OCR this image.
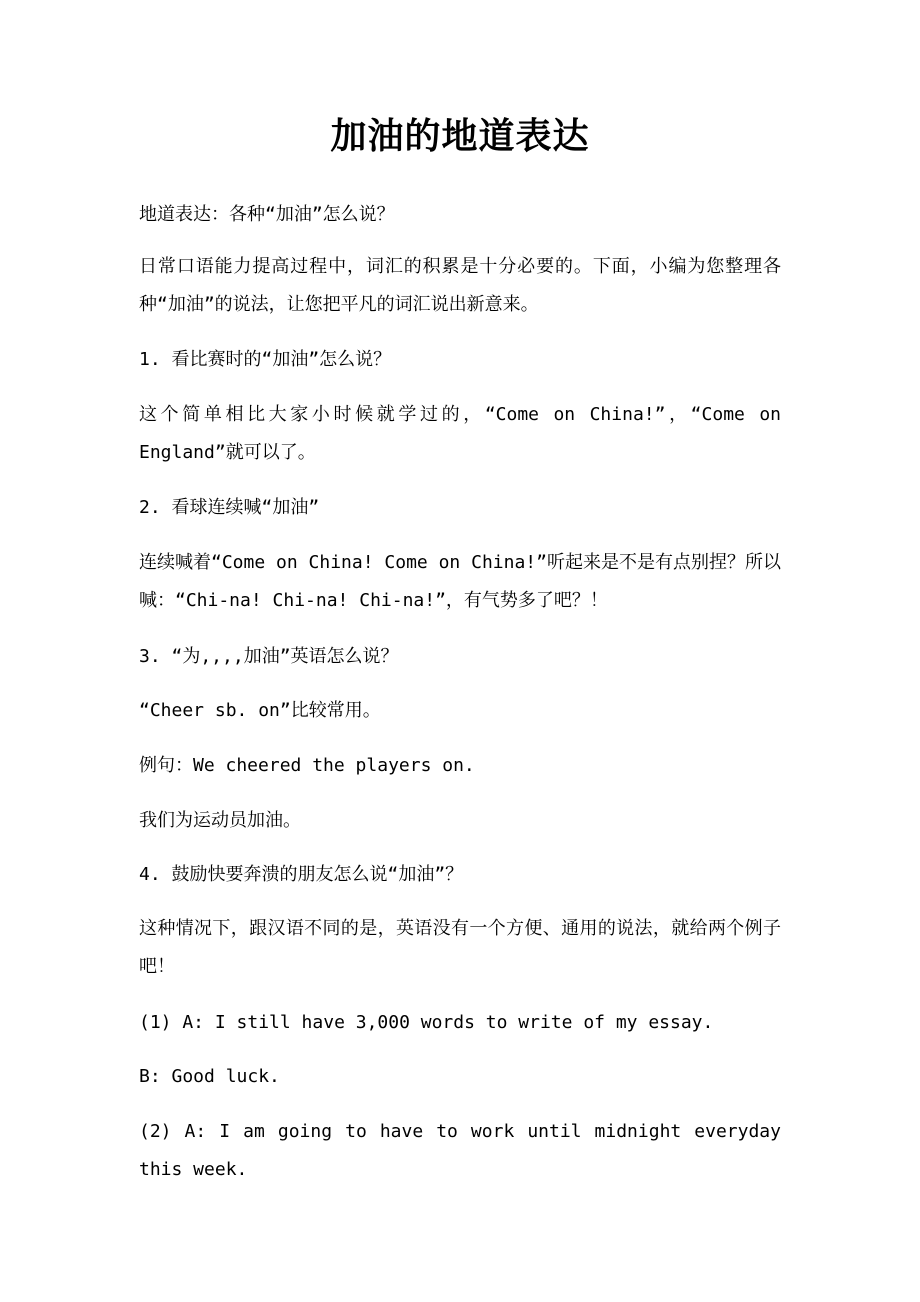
加油的地道表达

地道表达：各种“加油”怎么说？

日常口语能力提高过程中，词汇的积累是十分必要的。下面，小编为您整理各种“加油”的说法，让您把平凡的词汇说出新意来。

1. 看比赛时的“加油”怎么说？

这个简单相比大家小时候就学过的，“Come on China!”，“Come on England”就可以了。

2. 看球连续喊“加油”

连续喊着“Come on China! Come on China!”听起来是不是有点别捏？所以喊：“Chi-na! Chi-na! Chi-na!”，有气势多了吧？！

3. “为,,,,加油”英语怎么说？

“Cheer sb. on”比较常用。

例句：We cheered the players on.

我们为运动员加油。

4. 鼓励快要奔溃的朋友怎么说“加油”？

这种情况下，跟汉语不同的是，英语没有一个方便、通用的说法，就给两个例子吧！

(1) A: I still have 3,000 words to write of my essay.

B: Good luck.

(2) A: I am going to have to work until midnight everyday this week.
